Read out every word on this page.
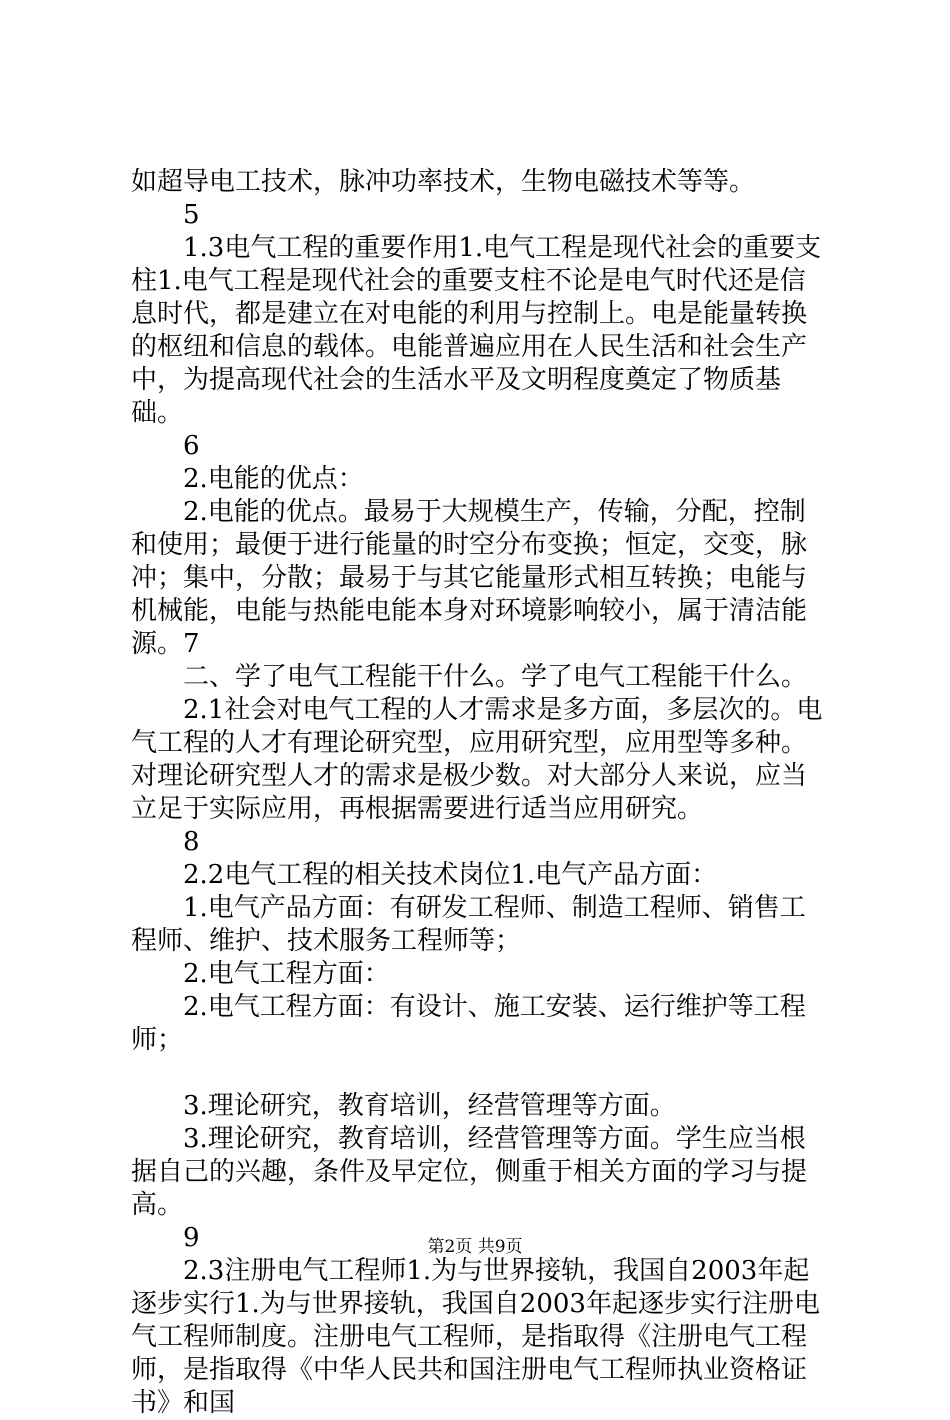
如超导电工技术，脉冲功率技术，生物电磁技术等等。

5

1.3电气工程的重要作用1.电气工程是现代社会的重要支柱1.电气工程是现代社会的重要支柱不论是电气时代还是信息时代，都是建立在对电能的利用与控制上。电是能量转换的枢纽和信息的载体。电能普遍应用在人民生活和社会生产中，为提高现代社会的生活水平及文明程度奠定了物质基础。

6

2.电能的优点：

2.电能的优点。最易于大规模生产，传输，分配，控制和使用；最便于进行能量的时空分布变换；恒定，交变，脉冲；集中，分散；最易于与其它能量形式相互转换；电能与机械能，电能与热能电能本身对环境影响较小，属于清洁能源。7

二、学了电气工程能干什么。学了电气工程能干什么。

2.1社会对电气工程的人才需求是多方面，多层次的。电气工程的人才有理论研究型，应用研究型，应用型等多种。对理论研究型人才的需求是极少数。对大部分人来说，应当立足于实际应用，再根据需要进行适当应用研究。

8

2.2电气工程的相关技术岗位1.电气产品方面：

1.电气产品方面：有研发工程师、制造工程师、销售工程师、维护、技术服务工程师等；

2.电气工程方面：

2.电气工程方面：有设计、施工安装、运行维护等工程师；

3.理论研究，教育培训，经营管理等方面。

3.理论研究，教育培训，经营管理等方面。学生应当根据自己的兴趣，条件及早定位，侧重于相关方面的学习与提高。

9

2.3注册电气工程师1.为与世界接轨，我国自2003年起逐步实行1.为与世界接轨，我国自2003年起逐步实行注册电气工程师制度。注册电气工程师，是指取得《注册电气工程师，是指取得《中华人民共和国注册电气工程师执业资格证书》和国

第2页 共9页
